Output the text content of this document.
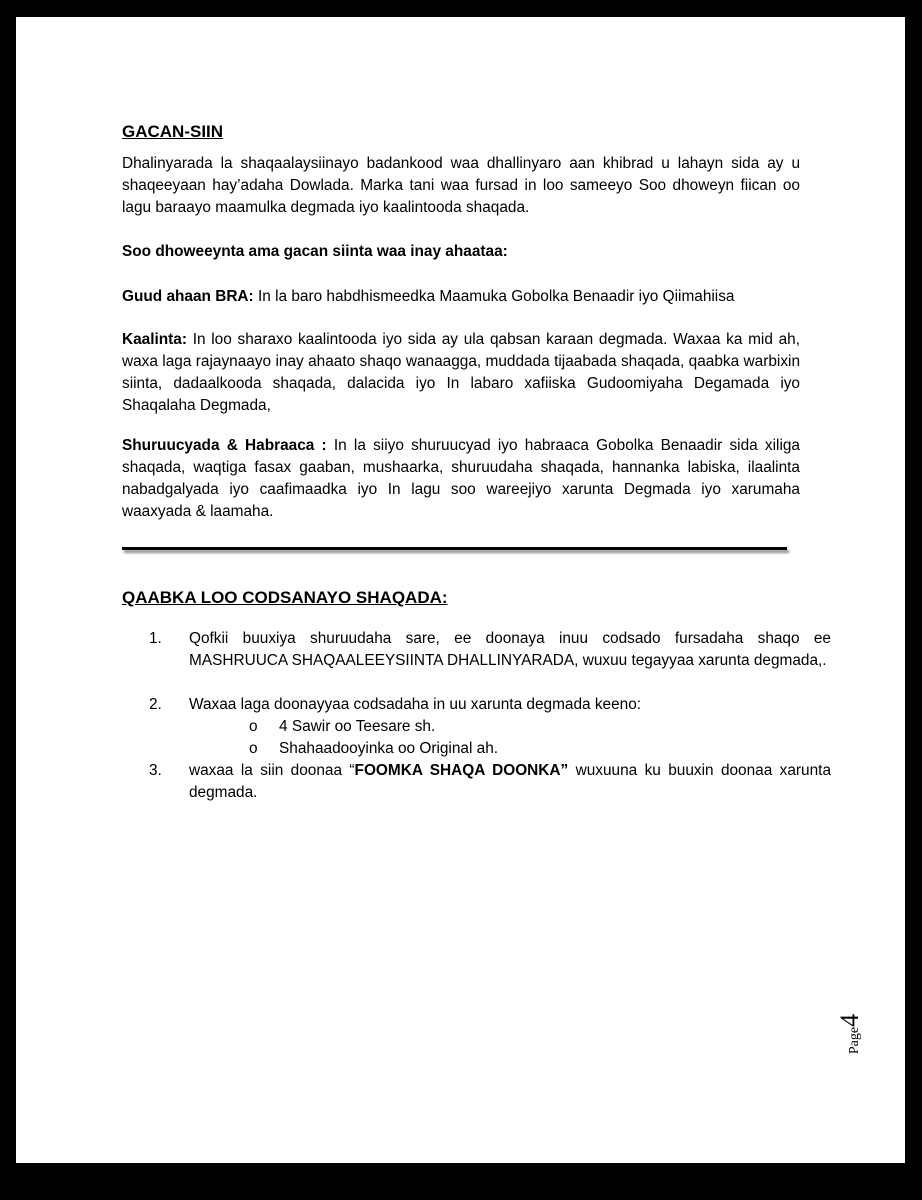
GACAN-SIIN

Dhalinyarada la shaqaalaysiinayo badankood waa dhallinyaro aan khibrad u lahayn sida ay u shaqeeyaan hay’adaha Dowlada. Marka tani waa fursad in loo sameeyo Soo dhoweyn fiican oo lagu baraayo maamulka degmada iyo kaalintooda shaqada.

Soo dhoweeynta ama gacan siinta waa inay ahaataa:

Guud ahaan BRA: In la baro habdhismeedka Maamuka Gobolka Benaadir iyo Qiimahiisa

Kaalinta: In loo sharaxo kaalintooda iyo sida ay ula qabsan karaan degmada. Waxaa ka mid ah, waxa laga rajaynaayo inay ahaato shaqo wanaagga, muddada tijaabada shaqada, qaabka warbixin siinta, dadaalkooda shaqada, dalacida iyo In labaro xafiiska Gudoomiyaha Degamada iyo Shaqalaha Degmada,

Shuruucyada & Habraaca : In la siiyo shuruucyad iyo habraaca Gobolka Benaadir sida xiliga shaqada, waqtiga fasax gaaban, mushaarka, shuruudaha shaqada, hannanka labiska, ilaalinta nabadgalyada iyo caafimaadka iyo In lagu soo wareejiyo xarunta Degmada iyo xarumaha waaxyada & laamaha.

QAABKA LOO CODSANAYO SHAQADA:

1.	Qofkii buuxiya shuruudaha sare, ee doonaya inuu codsado fursadaha shaqo ee MASHRUUCA SHAQAALEEYSIINTA DHALLINYARADA, wuxuu tegayyaa xarunta degmada,.
2.	Waxaa laga doonayyaa codsadaha in uu xarunta degmada keeno:
o 4 Sawir oo Teesare sh.
o Shahaadooyinka oo Original ah.
3.	waxaa la siin doonaa “FOOMKA SHAQA DOONKA” wuxuuna ku buuxin doonaa xarunta degmada.
Page4
